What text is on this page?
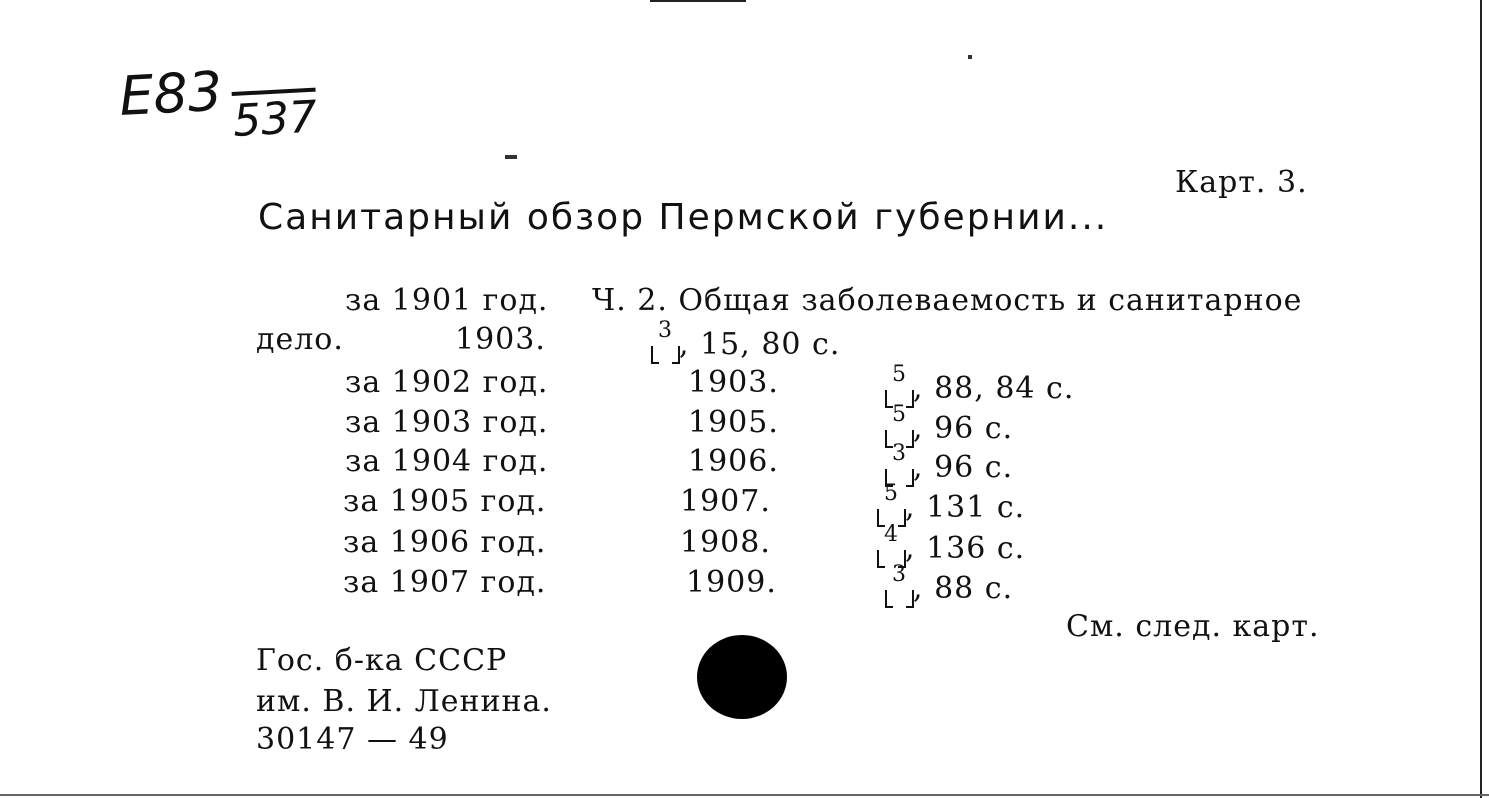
E83 537
Карт. 3.
Санитарный обзор Пермской губернии...
за 1901 год. Ч. 2. Общая заболеваемость и санитарное
дело.	1903.	$^3$ , 15, 80 с.
за 1902 год.	1903.	$^5$ , 88, 84 с.
за 1903 год.	1905.	$^5$ , 96 с.
за 1904 год.	1906.	$^3$ , 96 с.
за 1905 год.	1907.	$^5$ , 131 с.
за 1906 год.	1908.	$^4$ , 136 с.
за 1907 год.	1909.	$^3$ , 88 с.
См. след. карт.
Гос. б-ка СССР
им. В. И. Ленина.
30147 — 49
